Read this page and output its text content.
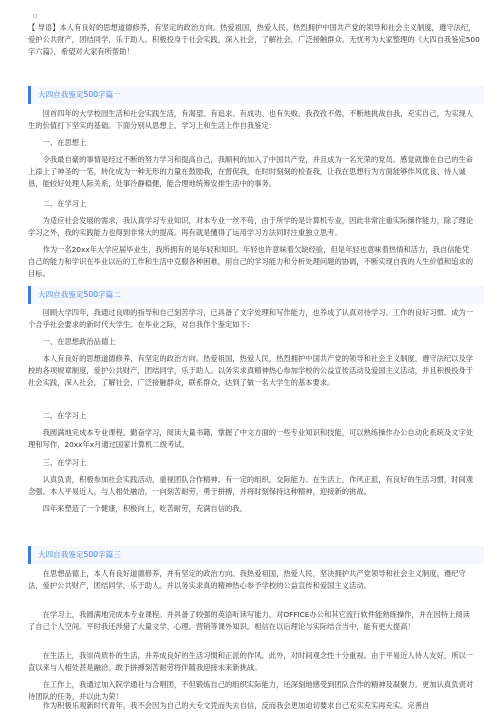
【 导语】本人有良好的思想道德修养，有坚定的政治方向。热爱祖国，热爱人民，热烈拥护中国共产党的领导和社会主义制度，遵守法纪，爱护公共财产，团结同学，乐于助人。积极投身于社会实践，深入社会，了解社会，广泛接触群众。无忧考为大家整理的《大四自我鉴定500字六篇》，希望对大家有所帮助！

大四自我鉴定500字篇一

回首四年的大学校园生活和社会实践生活，有渴望、有追求、有成功、也有失败，我孜孜不倦，不断地挑战自我，充实自己，为实现人生的价值打下坚实的基础。下面分别从思想上、学习上和生活上作自我鉴定：

一、在思想上

令我最自豪的事情是经过不断的努力学习和提高自己，我顺利的加入了中国共产党，并且成为一名光荣的党员。感觉就像在自己的生命上添上了神圣的一笔，转化成为一种无形的力量在鼓励我，在督促我，在时时刻刻的检查我，让我在思想行为方面能够作风优良、待人诚恳，能较好处理人际关系，处事冷静稳健，能合理地统筹安排生活中的事务。

二、在学习上

为适应社会发展的需求，我认真学习专业知识，对本专业一丝不苟，由于所学的是计算机专业，因此非常注重实际操作能力，除了理论学习之外，我的实践能力也得到非常大的提高。再有就是懂得了运用学习方法同时注重独立思考。

作为一名20xx年大学应届毕业生，我所拥有的是年轻和知识。年轻也许意味着欠缺经验，但是年轻也意味着热情和活力，我自信能凭自己的能力和学识在毕业以后的工作和生活中克服各种困难，用自己的学习能力和分析处理问题的协调，不断实现自我的人生价值和追求的目标。

大四自我鉴定500字篇二

回顾大学四年，我通过良师的指导和自己刻苦学习，已具备了文字处理和写作能力，也养成了认真对待学习、工作的良好习惯。成为一个合乎社会要求的新时代大学生。在毕业之际，对自我作个鉴定如下：

一、在思想政治品德上

本人有良好的思想道德修养，有坚定的政治方向。热爱祖国，热爱人民，热烈拥护中国共产党的领导和社会主义制度，遵守法纪以及学校的各项规章制度，爱护公共财产，团结同学，乐于助人。以务实求真精神热心参加学校的公益宣传活动及爱国主义活动，并且积极投身于社会实践，深入社会，了解社会，广泛接触群众，联系群众，达到了做一名大学生的基本要求。

二、在学习上

我圆满地完成本专业课程，勤奋学习，阅读大量书籍，掌握了中文方面的一些专业知识和技能，可以熟练操作办公自动化系统及文字处理和写作，20xx年x月通过国家计算机二级考试。

三、在学习上

认真负责，积极参加社会实践活动，重视团队合作精神。有一定的组织，交际能力。在生活上，作风正派，有良好的生活习惯，时间观念强。本人平易近人，与人相处融洽，一向刻苦耐劳，勇于拼搏，并将时刻保持这种精神，迎接新的挑战。

四年来塑造了一个健康，积极向上，吃苦耐劳，充满自信的我。

大四自我鉴定500字篇三

在思想品德上，本人有良好道德修养，并有坚定的政治方向。我热爱祖国，热爱人民，坚决拥护共产党领导和社会主义制度，遵纪守法，爱护公共财产，团结同学，乐于助人。并以务实求真的精神热心参予学校的公益宣传和爱国主义活动。

在学习上，我圆满地完成本专业课程。并具备了较强的英语听读写能力。对OFFICE办公和其它流行软件能熟练操作，并在因特上阅读了自己个人空间。平时我还涉猎了大量文学、心理、营销等课外知识。相信在以后理论与实际结合当中，能有更大提高！

在生活上，我崇尚质朴的生活，并养成良好的生活习惯和正派的作风。此外，对时间观念性十分重视。由于平易近人待人友好，所以一直以来与人相处甚是融洽。敢于拼搏刻苦耐劳将伴随我迎接未来新挑战。

在工作上，我通过加入院学通社与合唱团，不但锻炼自己的组织实际能力，还深刻地感受到团队合作的精神及凝聚力。更加认真负责对待团队的任务，并以此为荣！

作为积极乐观新时代青年，我不会因为自己的大专文凭而失去自信，反而我会更加迫切要求自己充实充实再充实。完善自
